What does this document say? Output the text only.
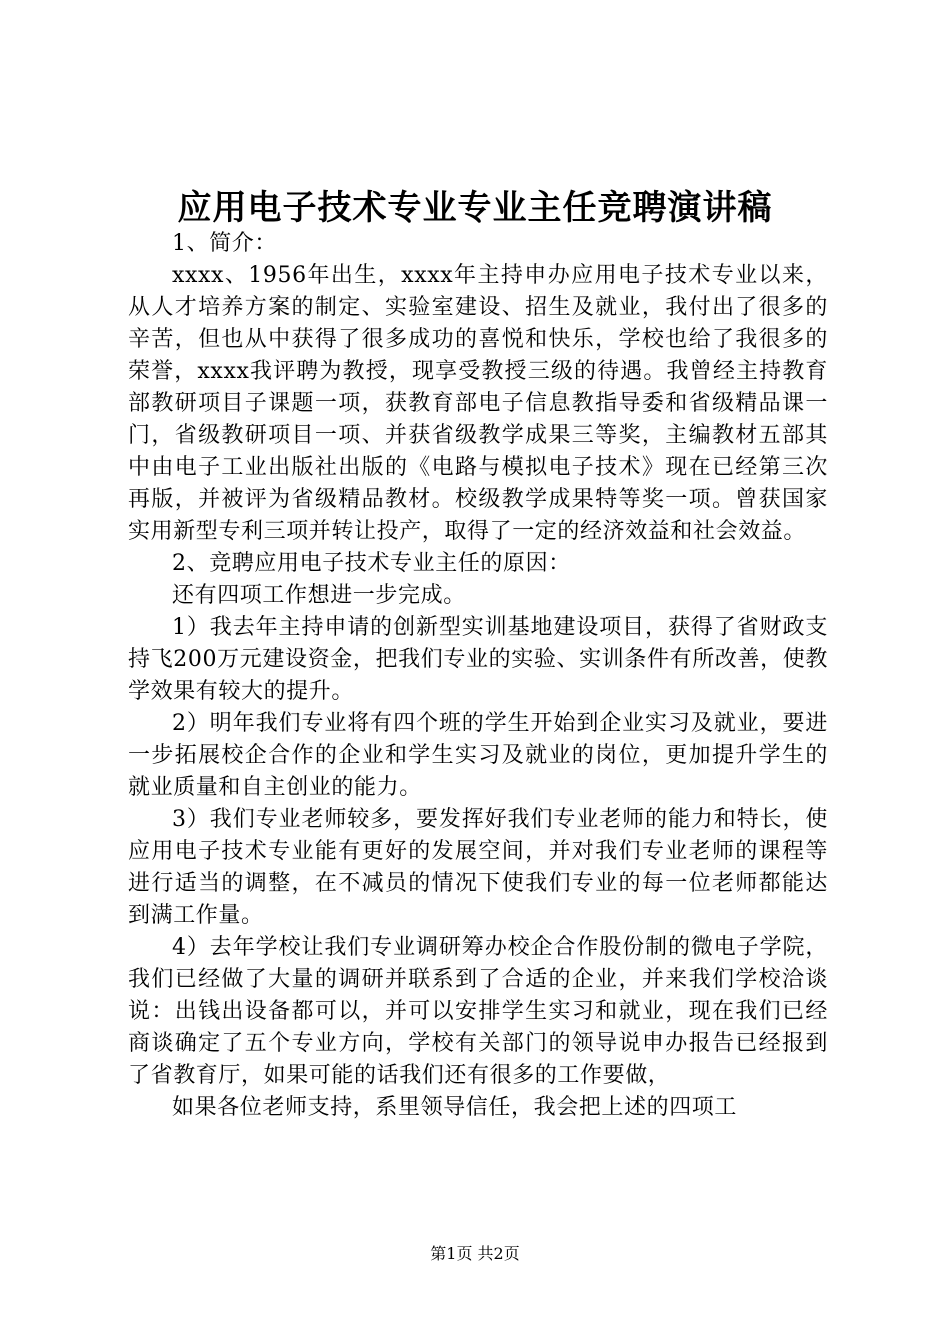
应用电子技术专业专业主任竞聘演讲稿

1、简介：

xxxx、1956年出生，xxxx年主持申办应用电子技术专业以来，从人才培养方案的制定、实验室建设、招生及就业，我付出了很多的辛苦，但也从中获得了很多成功的喜悦和快乐，学校也给了我很多的荣誉，xxxx我评聘为教授，现享受教授三级的待遇。我曾经主持教育部教研项目子课题一项，获教育部电子信息教指导委和省级精品课一门，省级教研项目一项、并获省级教学成果三等奖，主编教材五部其中由电子工业出版社出版的《电路与模拟电子技术》现在已经第三次再版，并被评为省级精品教材。校级教学成果特等奖一项。曾获国家实用新型专利三项并转让投产，取得了一定的经济效益和社会效益。

2、竞聘应用电子技术专业主任的原因：

还有四项工作想进一步完成。

1）我去年主持申请的创新型实训基地建设项目，获得了省财政支持飞200万元建设资金，把我们专业的实验、实训条件有所改善，使教学效果有较大的提升。

2）明年我们专业将有四个班的学生开始到企业实习及就业，要进一步拓展校企合作的企业和学生实习及就业的岗位，更加提升学生的就业质量和自主创业的能力。

3）我们专业老师较多，要发挥好我们专业老师的能力和特长，使应用电子技术专业能有更好的发展空间，并对我们专业老师的课程等进行适当的调整，在不减员的情况下使我们专业的每一位老师都能达到满工作量。

4）去年学校让我们专业调研筹办校企合作股份制的微电子学院，我们已经做了大量的调研并联系到了合适的企业，并来我们学校洽谈说：出钱出设备都可以，并可以安排学生实习和就业，现在我们已经商谈确定了五个专业方向，学校有关部门的领导说申办报告已经报到了省教育厅，如果可能的话我们还有很多的工作要做，

如果各位老师支持，系里领导信任，我会把上述的四项工

第1页 共2页
